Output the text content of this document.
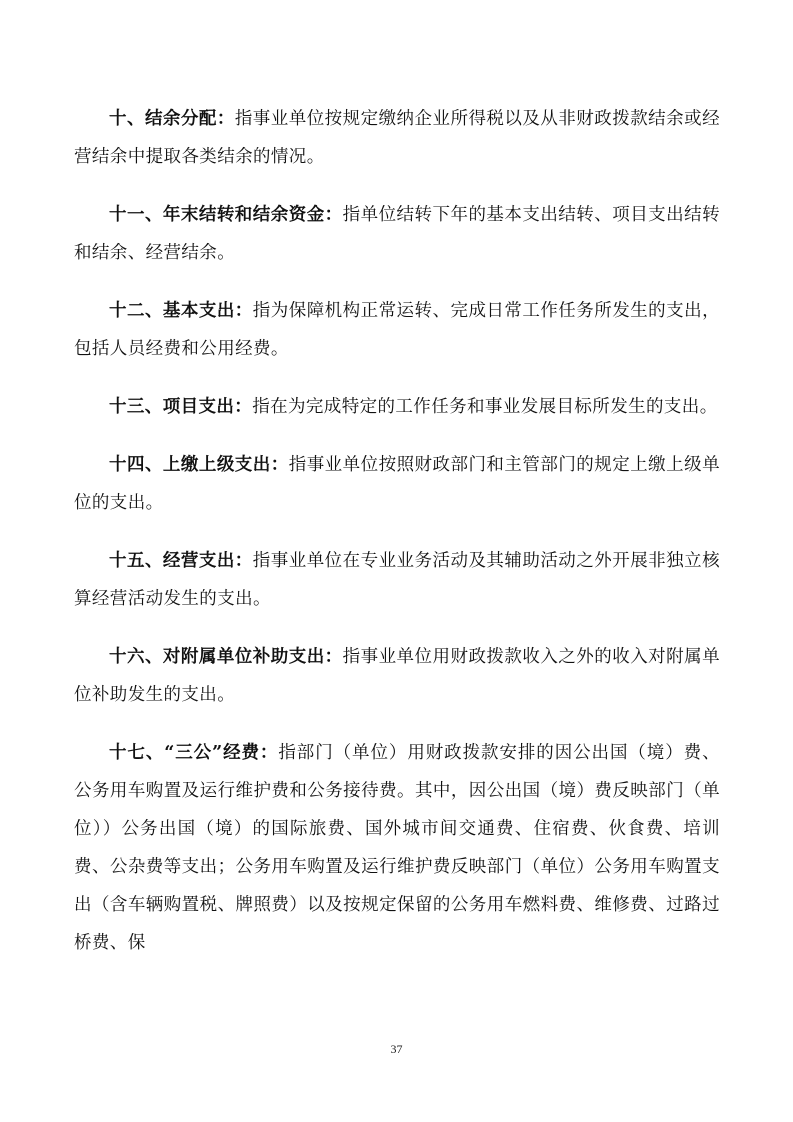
十、结余分配：指事业单位按规定缴纳企业所得税以及从非财政拨款结余或经营结余中提取各类结余的情况。

十一、年末结转和结余资金：指单位结转下年的基本支出结转、项目支出结转和结余、经营结余。

十二、基本支出：指为保障机构正常运转、完成日常工作任务所发生的支出，包括人员经费和公用经费。

十三、项目支出：指在为完成特定的工作任务和事业发展目标所发生的支出。

十四、上缴上级支出：指事业单位按照财政部门和主管部门的规定上缴上级单位的支出。

十五、经营支出：指事业单位在专业业务活动及其辅助活动之外开展非独立核算经营活动发生的支出。

十六、对附属单位补助支出：指事业单位用财政拨款收入之外的收入对附属单位补助发生的支出。

十七、“三公”经费：指部门（单位）用财政拨款安排的因公出国（境）费、公务用车购置及运行维护费和公务接待费。其中，因公出国（境）费反映部门（单位））公务出国（境）的国际旅费、国外城市间交通费、住宿费、伙食费、培训费、公杂费等支出；公务用车购置及运行维护费反映部门（单位）公务用车购置支出（含车辆购置税、牌照费）以及按规定保留的公务用车燃料费、维修费、过路过桥费、保

37
